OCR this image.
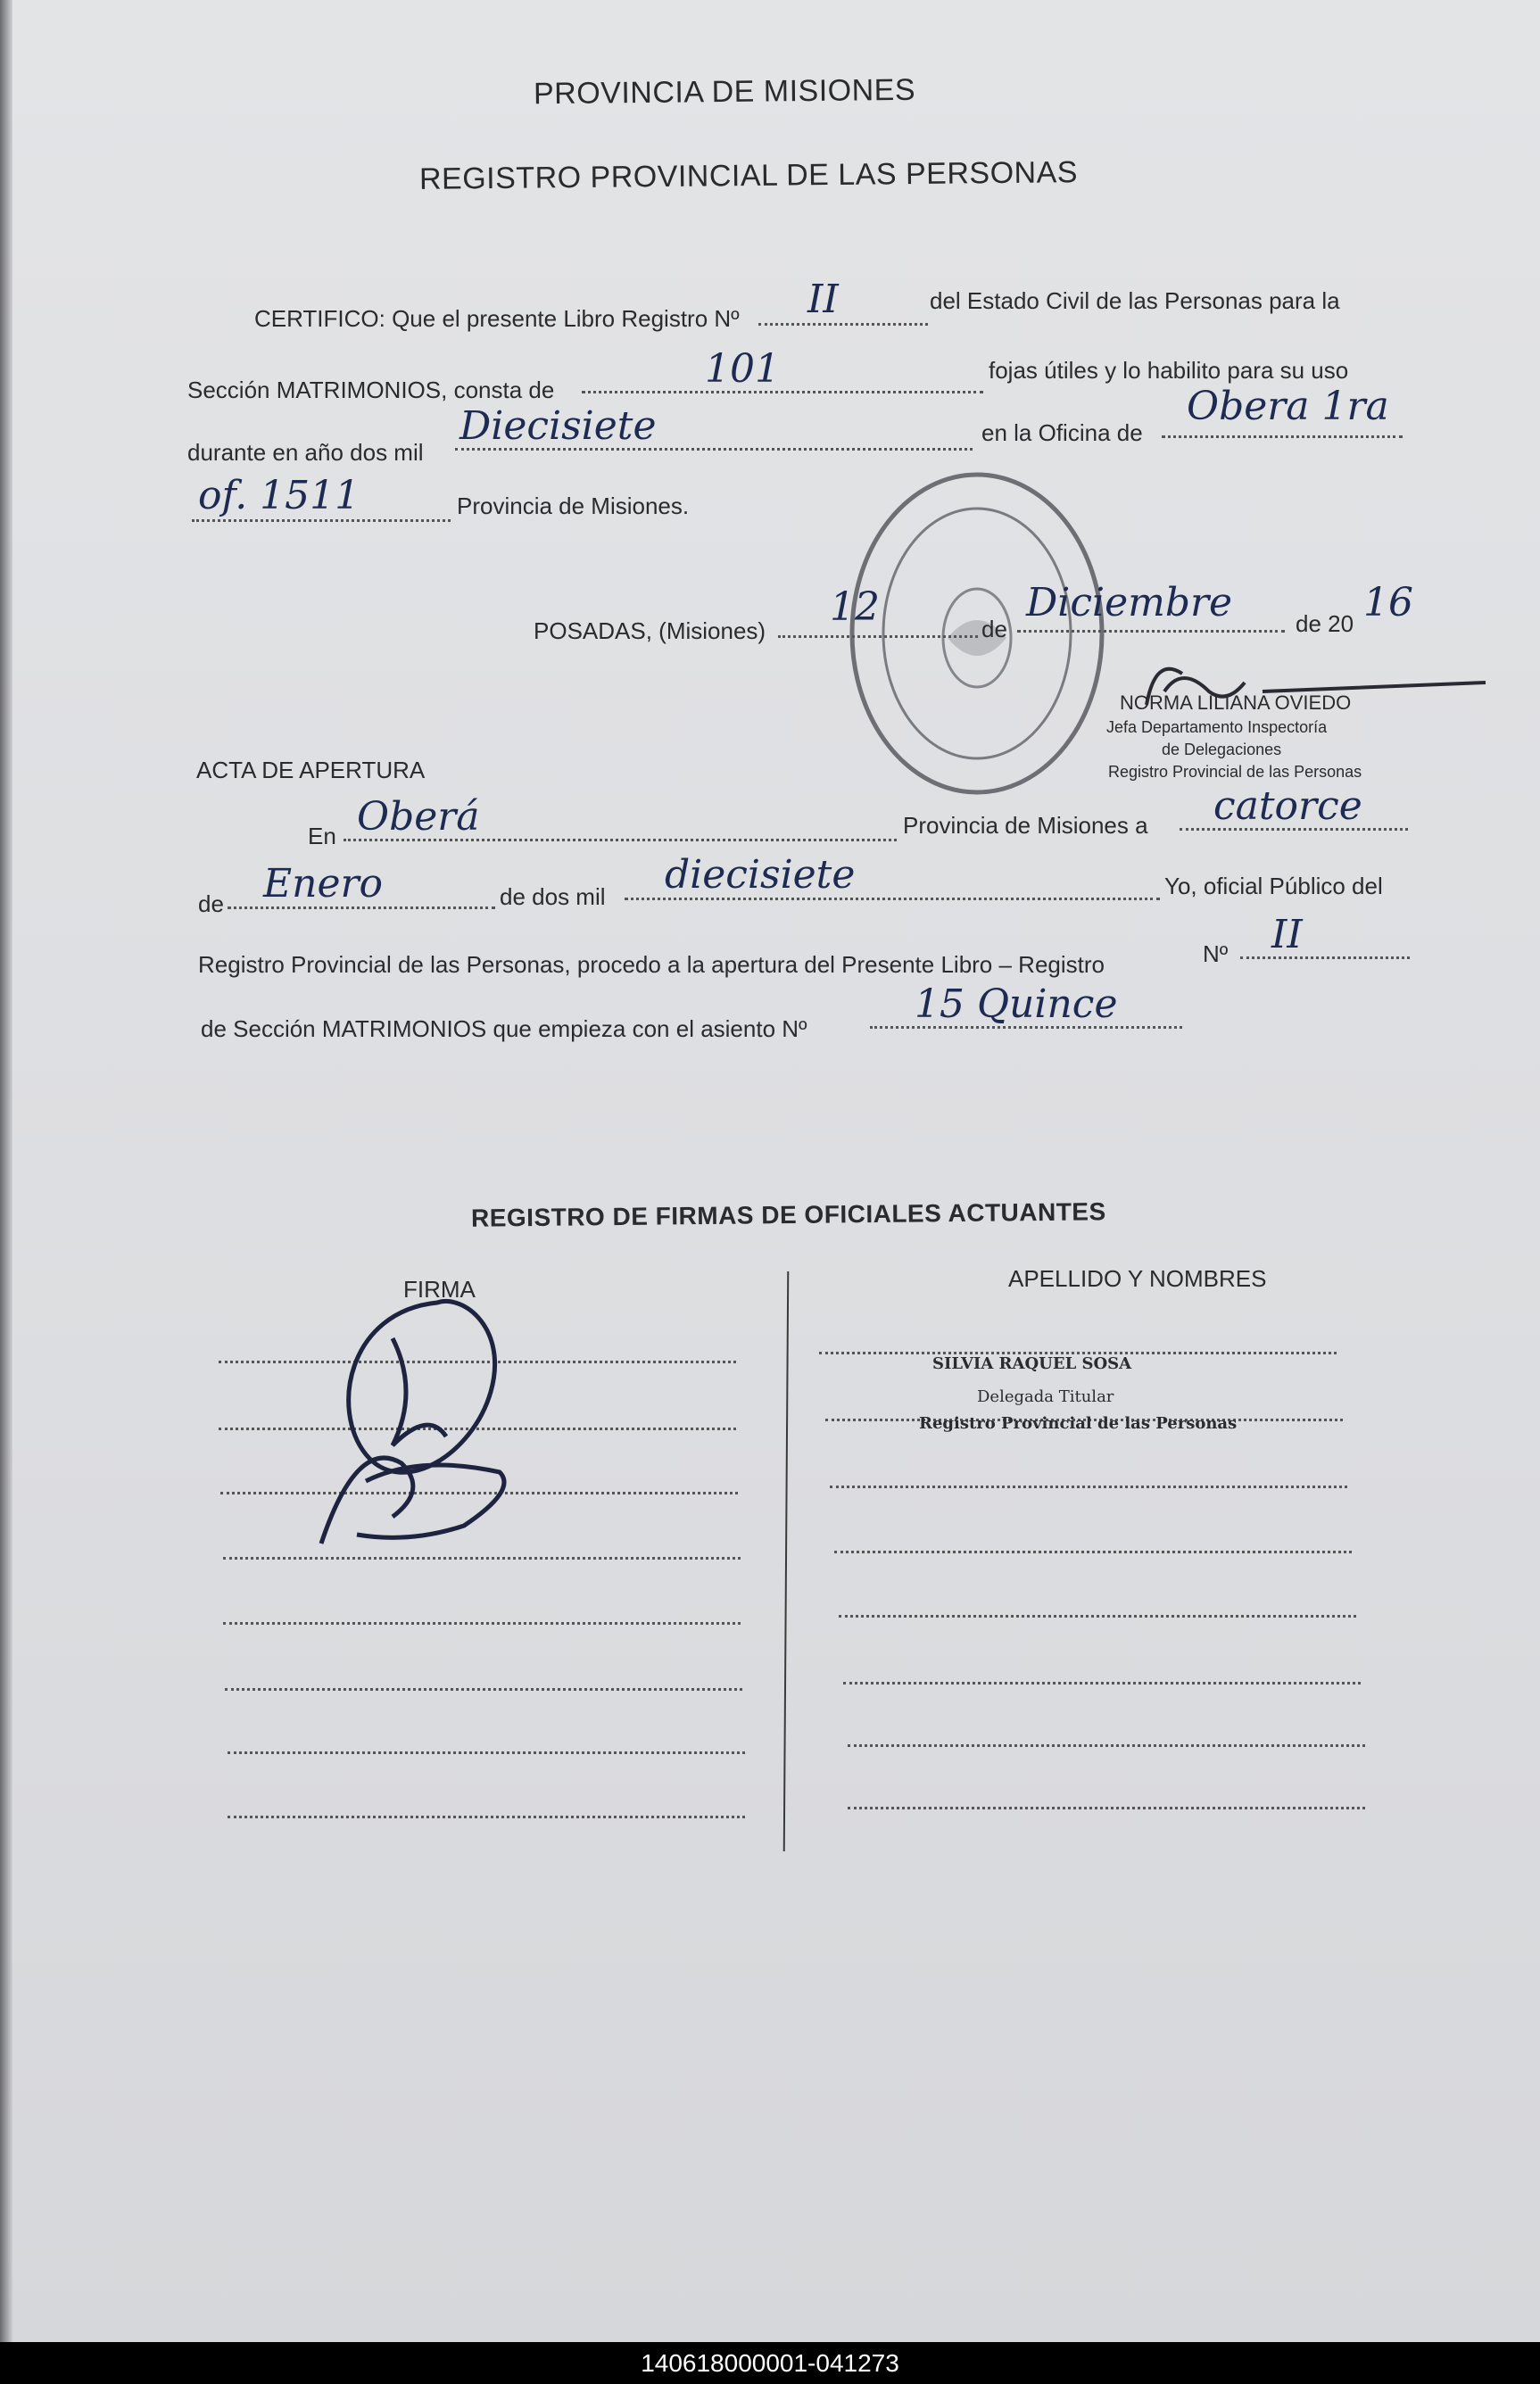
PROVINCIA DE MISIONES
REGISTRO PROVINCIAL DE LAS PERSONAS
CERTIFICO: Que el presente Libro Registro Nº II	del Estado Civil de las Personas para la
Sección MATRIMONIOS, consta de	101	fojas útiles y lo habilito para su uso
durante en año dos mil
Diecisiete	en la Oficina de
Obera 1ra
of. 1511	Provincia de Misiones.
POSADAS, (Misiones)
12	de
Diciembre	de 20 16
NORMA LILIANA OVIEDO
Jefa Departamento Inspectoría
de Delegaciones
Registro Provincial de las Personas
ACTA DE APERTURA
En Oberá	Provincia de Misiones a catorce
de Enero	de dos mil diecisiete	Yo, oficial Público del
Registro Provincial de las Personas, procedo a la apertura del Presente Libro – Registro	Nº II
de Sección MATRIMONIOS que empieza con el asiento Nº
15 Quince
REGISTRO DE FIRMAS DE OFICIALES ACTUANTES
FIRMA	APELLIDO Y NOMBRES
SILVIA RAQUEL SOSA
Delegada Titular
Registro Provincial de las Personas
140618000001-041273
